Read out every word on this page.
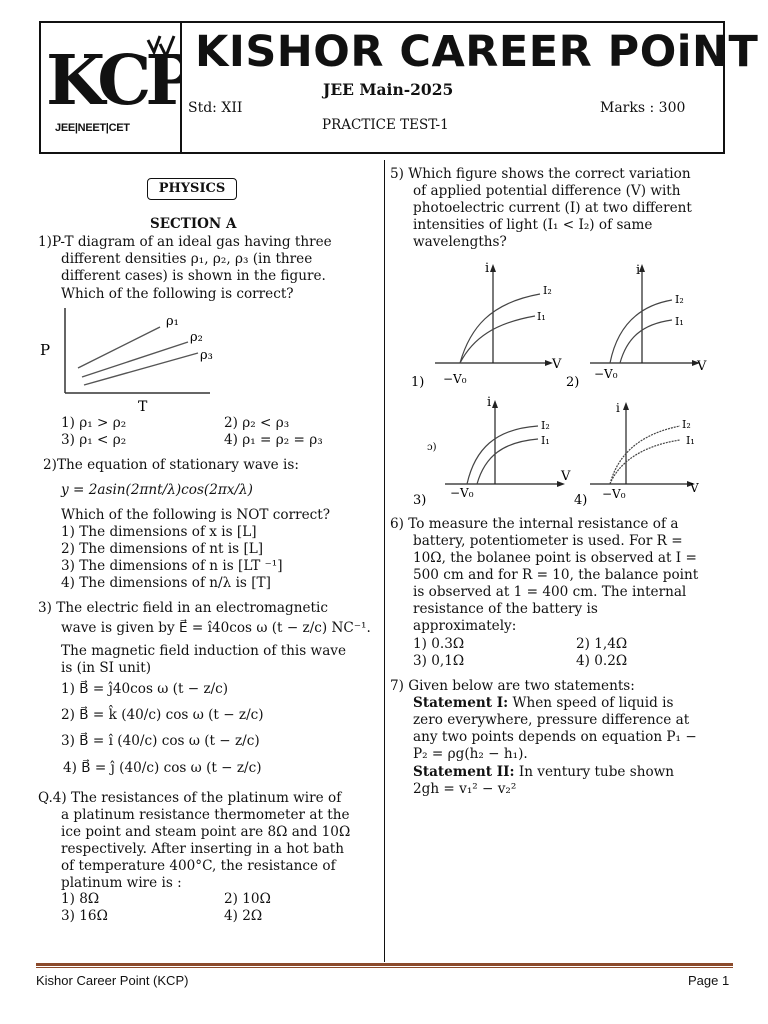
KCP
JEE|NEET|CET
KISHOR CAREER POiNT
JEE Main-2025
Std: XII	Marks : 300
PRACTICE TEST-1
PHYSICS
SECTION A
1)P-T diagram of an ideal gas having three
different densities ρ₁, ρ₂, ρ₃ (in three
different cases) is shown in the figure.
Which of the following is correct?
P
T
ρ₁
ρ₂
ρ₃
1) ρ₁ > ρ₂	2) ρ₂ < ρ₃
3) ρ₁ < ρ₂	4) ρ₁ = ρ₂ = ρ₃
2)The equation of stationary wave is:
y = 2asin(2πnt/λ)cos(2πx/λ)
Which of the following is NOT correct?
1) The dimensions of x is [L]
2) The dimensions of nt is [L]
3) The dimensions of n is [LT ⁻¹]
4) The dimensions of n/λ is [T]
3) The electric field in an electromagnetic
wave is given by E⃗ = î40cos ω (t − z/c) NC⁻¹.
The magnetic field induction of this wave
is (in SI unit)
1) B⃗ = ĵ40cos ω (t − z/c)
2) B⃗ = k̂ (40/c) cos ω (t − z/c)
3) B⃗ = î (40/c) cos ω (t − z/c)
4) B⃗ = ĵ (40/c) cos ω (t − z/c)
Q.4) The resistances of the platinum wire of
a platinum resistance thermometer at the
ice point and steam point are 8Ω and 10Ω
respectively. After inserting in a hot bath
of temperature 400°C, the resistance of
platinum wire is :
1) 8Ω	2) 10Ω
3) 16Ω	4) 2Ω
5) Which figure shows the correct variation
of applied potential difference (V) with
photoelectric current (I) at two different
intensities of light (I₁ < I₂) of same
wavelengths?
i
V
I₂
I₁
−V₀
1)
i
V
I₂
I₁
−V₀
2)
i
V
I₂
I₁
−V₀
ɔ)
3)
i
V
I₂
I₁
−V₀
4)
6) To measure the internal resistance of a
battery, potentiometer is used. For R =
10Ω, the bolanee point is observed at I =
500 cm and for R = 10, the balance point
is observed at 1 = 400 cm. The internal
resistance of the battery is
approximately:
1) 0.3Ω	2) 1,4Ω
3) 0,1Ω	4) 0.2Ω
7) Given below are two statements:
Statement I: When speed of liquid is
zero everywhere, pressure difference at
any two points depends on equation P₁ −
P₂ = ρg(h₂ − h₁).
Statement II: In ventury tube shown
2gh = v₁² − v₂²
Kishor Career Point (KCP)	Page 1
